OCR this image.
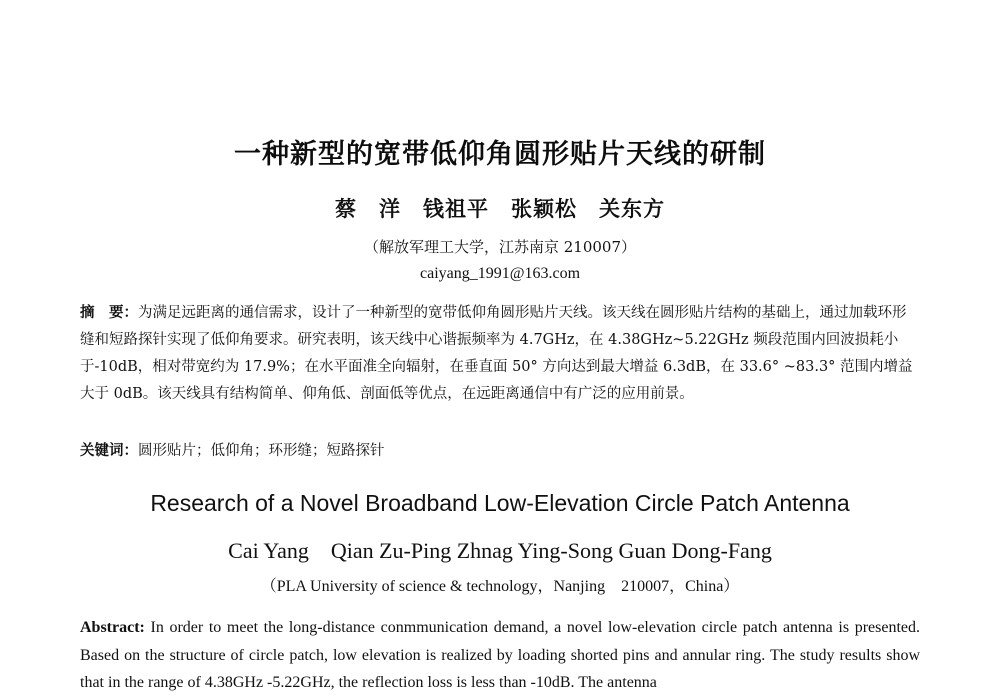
一种新型的宽带低仰角圆形贴片天线的研制
蔡　洋　钱祖平　张颖松　关东方
（解放军理工大学，江苏南京 210007）
caiyang_1991@163.com

摘　要：为满足远距离的通信需求，设计了一种新型的宽带低仰角圆形贴片天线。该天线在圆形贴片结构的基础上，通过加载环形缝和短路探针实现了低仰角要求。研究表明，该天线中心谐振频率为 4.7GHz，在 4.38GHz~5.22GHz 频段范围内回波损耗小于-10dB，相对带宽约为 17.9%；在水平面准全向辐射，在垂直面 50° 方向达到最大增益 6.3dB，在 33.6° ~83.3° 范围内增益大于 0dB。该天线具有结构简单、仰角低、剖面低等优点，在远距离通信中有广泛的应用前景。

关键词：圆形贴片；低仰角；环形缝；短路探针

Research of a Novel Broadband Low-Elevation Circle Patch Antenna
Cai Yang　Qian Zu-Ping Zhnag Ying-Song Guan Dong-Fang
（PLA University of science & technology，Nanjing　210007，China）

Abstract: In order to meet the long-distance conmmunication demand, a novel low-elevation circle patch antenna is presented. Based on the structure of circle patch, low elevation is realized by loading shorted pins and annular ring. The study results show that in the range of 4.38GHz -5.22GHz, the reflection loss is less than -10dB. The antenna
